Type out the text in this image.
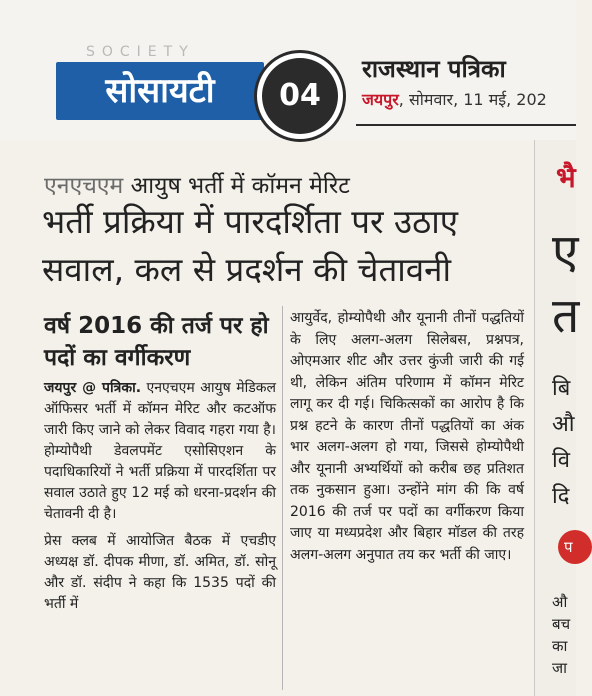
SOCIETY
सोसायटी	04
राजस्थान पत्रिका
जयपुर, सोमवार, 11 मई, 202
एनएचएम आयुष भर्ती में कॉमन मेरिट
भर्ती प्रक्रिया में पारदर्शिता पर उठाए सवाल, कल से प्रदर्शन की चेतावनी
वर्ष 2016 की तर्ज पर हो पदों का वर्गीकरण

जयपुर @ पत्रिका. एनएचएम आयुष मेडिकल ऑफिसर भर्ती में कॉमन मेरिट और कटऑफ जारी किए जाने को लेकर विवाद गहरा गया है। होम्योपैथी डेवलपमेंट एसोसिएशन के पदाधिकारियों ने भर्ती प्रक्रिया में पारदर्शिता पर सवाल उठाते हुए 12 मई को धरना-प्रदर्शन की चेतावनी दी है।

प्रेस क्लब में आयोजित बैठक में एचडीए अध्यक्ष डॉ. दीपक मीणा, डॉ. अमित, डॉ. सोनू और डॉ. संदीप ने कहा कि 1535 पदों की भर्ती में

आयुर्वेद, होम्योपैथी और यूनानी तीनों पद्धतियों के लिए अलग-अलग सिलेबस, प्रश्नपत्र, ओएमआर शीट और उत्तर कुंजी जारी की गई थी, लेकिन अंतिम परिणाम में कॉमन मेरिट लागू कर दी गई। चिकित्सकों का आरोप है कि प्रश्न हटने के कारण तीनों पद्धतियों का अंक भार अलग-अलग हो गया, जिससे होम्योपैथी और यूनानी अभ्यर्थियों को करीब छह प्रतिशत तक नुकसान हुआ। उन्होंने मांग की कि वर्ष 2016 की तर्ज पर पदों का वर्गीकरण किया जाए या मध्यप्रदेश और बिहार मॉडल की तरह अलग-अलग अनुपात तय कर भर्ती की जाए।
भै
ए
त
बि
औ
वि
दि
प
औ
बच
का
जा
